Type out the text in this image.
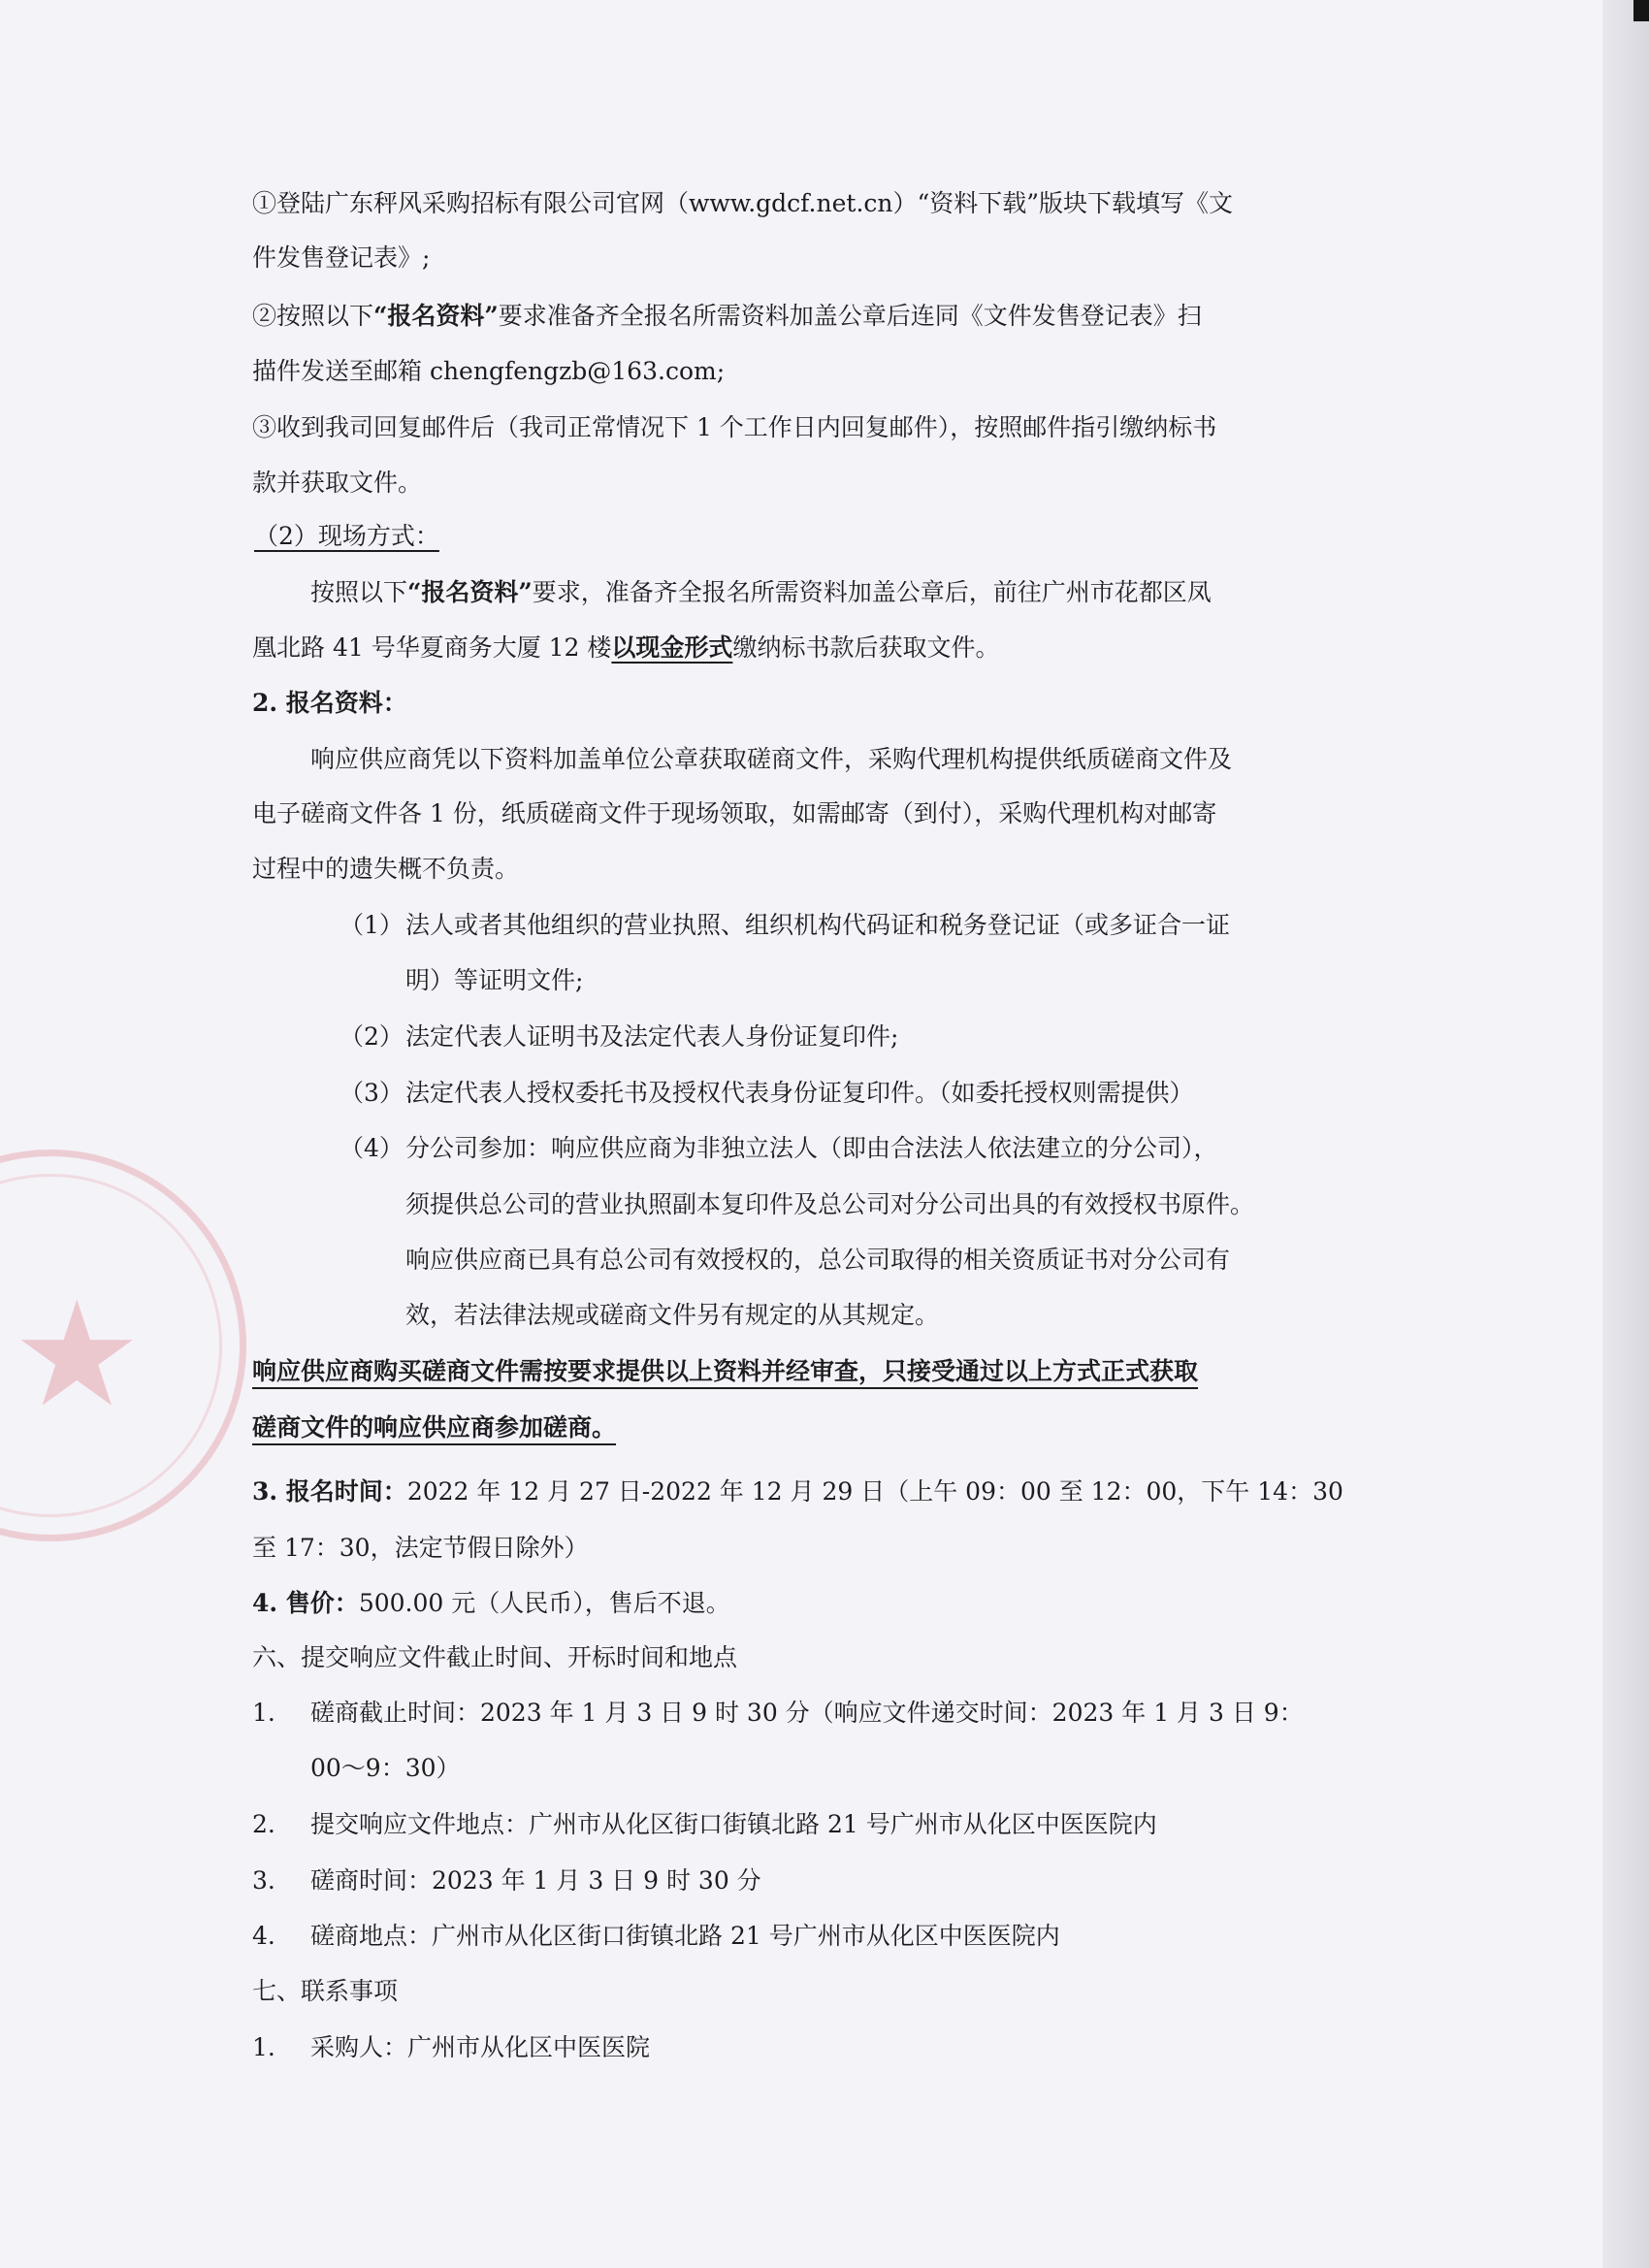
★
①登陆广东秤风采购招标有限公司官网（www.gdcf.net.cn）“资料下载”版块下载填写《文
件发售登记表》;
②按照以下“报名资料”要求准备齐全报名所需资料加盖公章后连同《文件发售登记表》扫
描件发送至邮箱 chengfengzb@163.com;
③收到我司回复邮件后（我司正常情况下 1 个工作日内回复邮件），按照邮件指引缴纳标书
款并获取文件。
（2）现场方式：
按照以下“报名资料”要求，准备齐全报名所需资料加盖公章后，前往广州市花都区凤
凰北路 41 号华夏商务大厦 12 楼以现金形式缴纳标书款后获取文件。
2. 报名资料：
响应供应商凭以下资料加盖单位公章获取磋商文件，采购代理机构提供纸质磋商文件及
电子磋商文件各 1 份，纸质磋商文件于现场领取，如需邮寄（到付），采购代理机构对邮寄
过程中的遗失概不负责。
（1） 法人或者其他组织的营业执照、组织机构代码证和税务登记证（或多证合一证
明）等证明文件;
（2） 法定代表人证明书及法定代表人身份证复印件;
（3） 法定代表人授权委托书及授权代表身份证复印件。（如委托授权则需提供）
（4） 分公司参加：响应供应商为非独立法人（即由合法法人依法建立的分公司），
须提供总公司的营业执照副本复印件及总公司对分公司出具的有效授权书原件。
响应供应商已具有总公司有效授权的，总公司取得的相关资质证书对分公司有
效，若法律法规或磋商文件另有规定的从其规定。
响应供应商购买磋商文件需按要求提供以上资料并经审查，只接受通过以上方式正式获取
磋商文件的响应供应商参加磋商。
3. 报名时间：2022 年 12 月 27 日-2022 年 12 月 29 日（上午 09：00 至 12：00，下午 14：30
至 17：30，法定节假日除外）
4. 售价：500.00 元（人民币），售后不退。
六、提交响应文件截止时间、开标时间和地点
1. 磋商截止时间：2023 年 1 月 3 日 9 时 30 分（响应文件递交时间：2023 年 1 月 3 日 9：
00～9：30）
2. 提交响应文件地点：广州市从化区街口街镇北路 21 号广州市从化区中医医院内
3. 磋商时间：2023 年 1 月 3 日 9 时 30 分
4. 磋商地点：广州市从化区街口街镇北路 21 号广州市从化区中医医院内
七、联系事项
1. 采购人：广州市从化区中医医院
